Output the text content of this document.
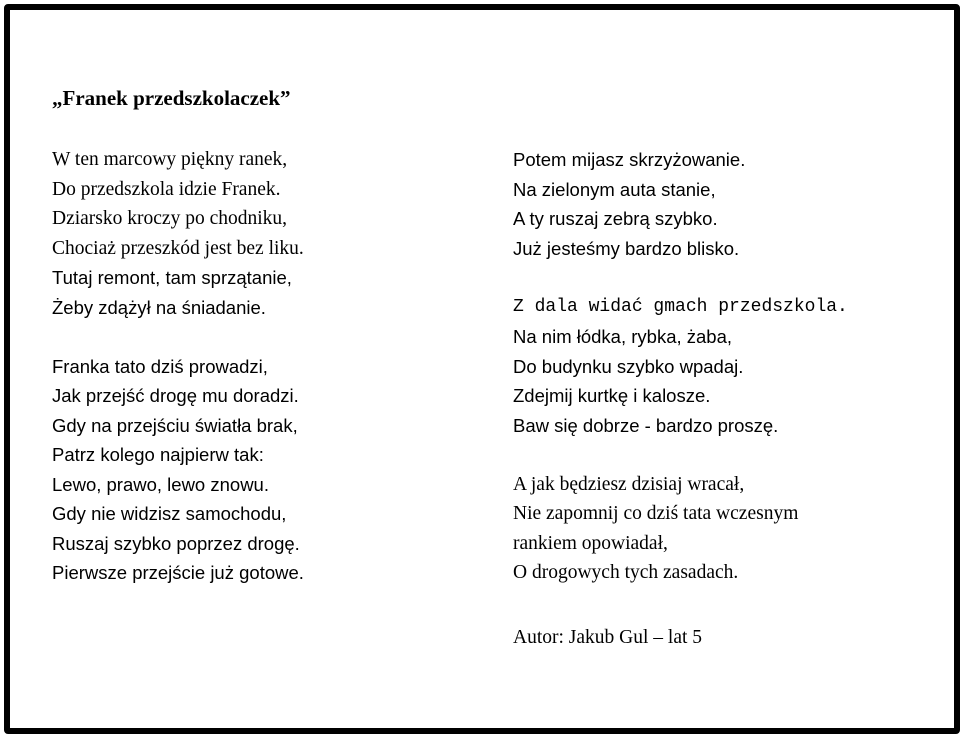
„Franek przedszkolaczek”
W ten marcowy piękny ranek,
Do przedszkola idzie Franek.
Dziarsko kroczy po chodniku,
Chociaż przeszkód jest bez liku.
Tutaj remont, tam sprzątanie,
Żeby zdążył na śniadanie.
Franka tato dziś prowadzi,
Jak przejść drogę mu doradzi.
Gdy na przejściu światła brak,
Patrz kolego najpierw tak:
Lewo, prawo, lewo znowu.
Gdy nie widzisz samochodu,
Ruszaj szybko poprzez drogę.
Pierwsze przejście już gotowe.
Potem mijasz skrzyżowanie.
Na zielonym auta stanie,
A ty ruszaj zebrą szybko.
Już jesteśmy bardzo blisko.
Z dala widać gmach przedszkola.
Na nim łódka, rybka, żaba,
Do budynku szybko wpadaj.
Zdejmij kurtkę i kalosze.
Baw się dobrze - bardzo proszę.
A jak będziesz dzisiaj wracał,
Nie zapomnij co dziś tata wczesnym
rankiem opowiadał,
O drogowych tych zasadach.

Autor: Jakub Gul – lat 5
